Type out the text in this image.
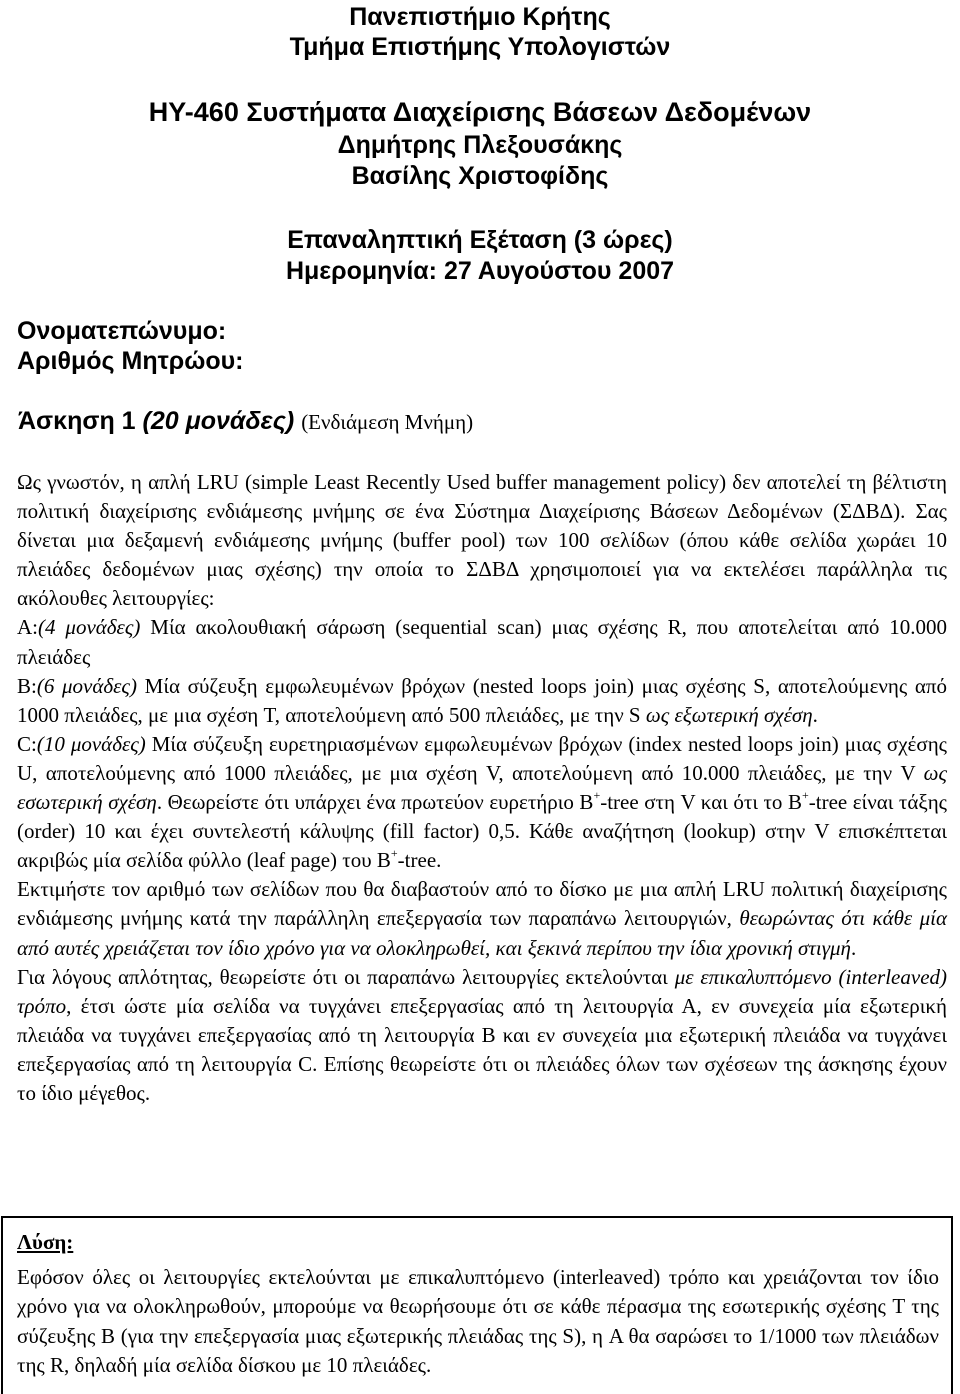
Πανεπιστήμιο Κρήτης
Τμήμα Επιστήμης Υπολογιστών
ΗΥ-460 Συστήματα Διαχείρισης Βάσεων Δεδομένων
Δημήτρης Πλεξουσάκης
Βασίλης Χριστοφίδης
Επαναληπτική Εξέταση (3 ώρες)
Ημερομηνία: 27 Αυγούστου 2007
Ονοματεπώνυμο:
Αριθμός Μητρώου:
Άσκηση 1 (20 μονάδες) (Ενδιάμεση Μνήμη)

Ως γνωστόν, η απλή LRU (simple Least Recently Used buffer management policy) δεν αποτελεί τη βέλτιστη πολιτική διαχείρισης ενδιάμεσης μνήμης σε ένα Σύστημα Διαχείρισης Βάσεων Δεδομένων (ΣΔΒΔ). Σας δίνεται μια δεξαμενή ενδιάμεσης μνήμης (buffer pool) των 100 σελίδων (όπου κάθε σελίδα χωράει 10 πλειάδες δεδομένων μιας σχέσης) την οποία το ΣΔΒΔ χρησιμοποιεί για να εκτελέσει παράλληλα τις ακόλουθες λειτουργίες:

A:(4 μονάδες) Μία ακολουθιακή σάρωση (sequential scan) μιας σχέσης R, που αποτελείται από 10.000 πλειάδες

B:(6 μονάδες) Μία σύζευξη εμφωλευμένων βρόχων (nested loops join) μιας σχέσης S, αποτελούμενης από 1000 πλειάδες, με μια σχέση T, αποτελούμενη από 500 πλειάδες, με την S ως εξωτερική σχέση.

C:(10 μονάδες) Μία σύζευξη ευρετηριασμένων εμφωλευμένων βρόχων (index nested loops join) μιας σχέσης U, αποτελούμενης από 1000 πλειάδες, με μια σχέση V, αποτελούμενη από 10.000 πλειάδες, με την V ως εσωτερική σχέση. Θεωρείστε ότι υπάρχει ένα πρωτεύον ευρετήριο B+-tree στη V και ότι το B+-tree είναι τάξης (order) 10 και έχει συντελεστή κάλυψης (fill factor) 0,5. Κάθε αναζήτηση (lookup) στην V επισκέπτεται ακριβώς μία σελίδα φύλλο (leaf page) του B+-tree.

Εκτιμήστε τον αριθμό των σελίδων που θα διαβαστούν από το δίσκο με μια απλή LRU πολιτική διαχείρισης ενδιάμεσης μνήμης κατά την παράλληλη επεξεργασία των παραπάνω λειτουργιών, θεωρώντας ότι κάθε μία από αυτές χρειάζεται τον ίδιο χρόνο για να ολοκληρωθεί, και ξεκινά περίπου την ίδια χρονική στιγμή.

Για λόγους απλότητας, θεωρείστε ότι οι παραπάνω λειτουργίες εκτελούνται με επικαλυπτόμενο (interleaved) τρόπο, έτσι ώστε μία σελίδα να τυγχάνει επεξεργασίας από τη λειτουργία Α, εν συνεχεία μία εξωτερική πλειάδα να τυγχάνει επεξεργασίας από τη λειτουργία Β και εν συνεχεία μια εξωτερική πλειάδα να τυγχάνει επεξεργασίας από τη λειτουργία C. Επίσης θεωρείστε ότι οι πλειάδες όλων των σχέσεων της άσκησης έχουν το ίδιο μέγεθος.

Λύση:
Εφόσον όλες οι λειτουργίες εκτελούνται με επικαλυπτόμενο (interleaved) τρόπο και χρειάζονται τον ίδιο χρόνο για να ολοκληρωθούν, μπορούμε να θεωρήσουμε ότι σε κάθε πέρασμα της εσωτερικής σχέσης T της σύζευξης B (για την επεξεργασία μιας εξωτερικής πλειάδας της S), η A θα σαρώσει το 1/1000 των πλειάδων της R, δηλαδή μία σελίδα δίσκου με 10 πλειάδες.
